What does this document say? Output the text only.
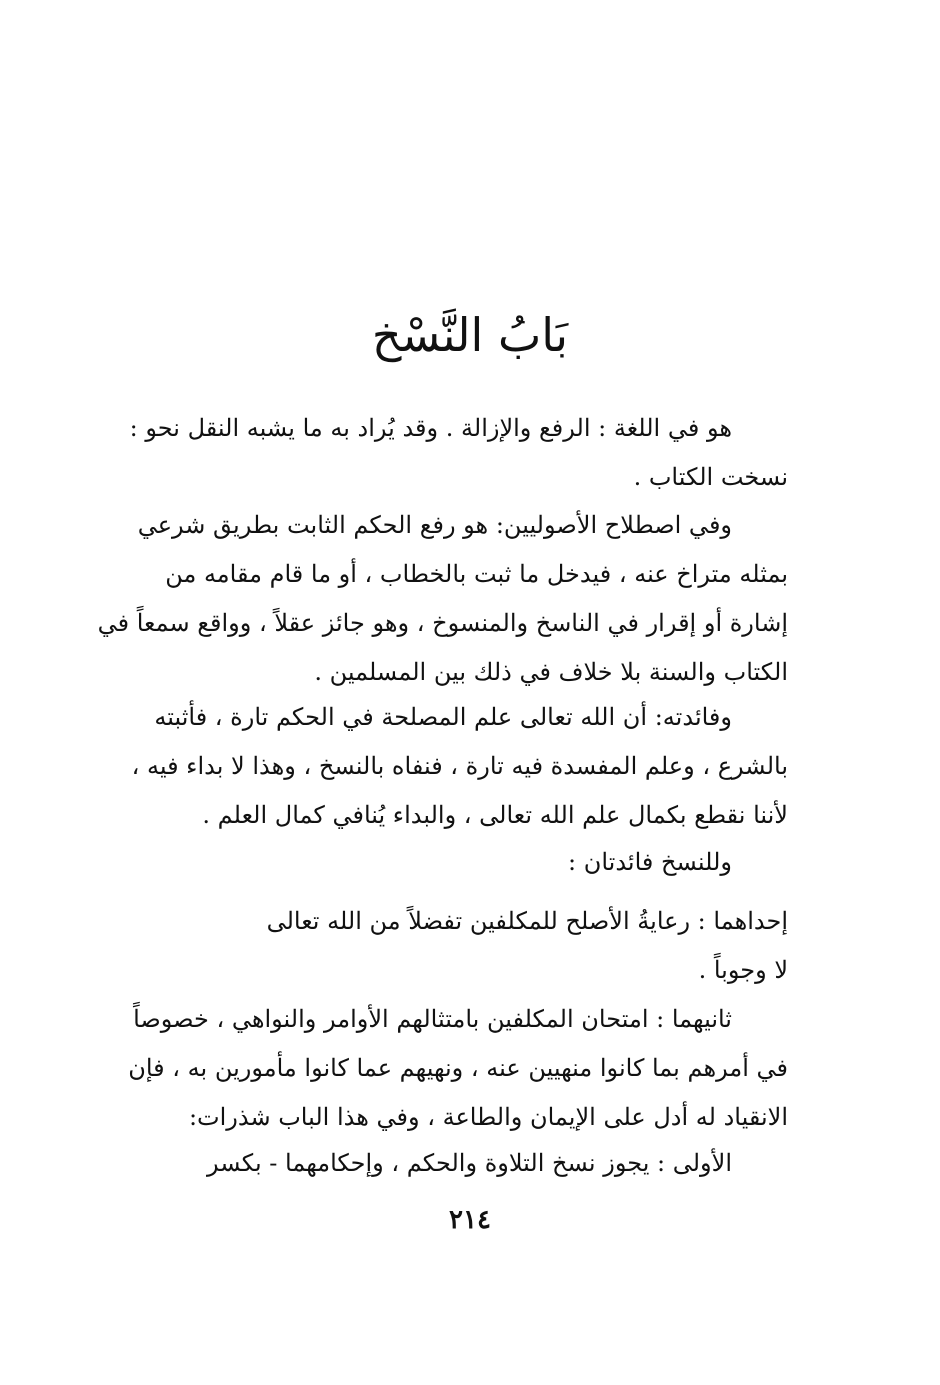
بَابُ النَّسْخ

هو في اللغة : الرفع والإزالة . وقد يُراد به ما يشبه النقل نحو :
نسخت الكتاب .

وفي اصطلاح الأصوليين: هو رفع الحكم الثابت بطريق شرعي
بمثله متراخ عنه ، فيدخل ما ثبت بالخطاب ، أو ما قام مقامه من
إشارة أو إقرار في الناسخ والمنسوخ ، وهو جائز عقلاً ، وواقع سمعاً في
الكتاب والسنة بلا خلاف في ذلك بين المسلمين .

وفائدته: أن الله تعالى علم المصلحة في الحكم تارة ، فأثبته
بالشرع ، وعلم المفسدة فيه تارة ، فنفاه بالنسخ ، وهذا لا بداء فيه ،
لأننا نقطع بكمال علم الله تعالى ، والبداء يُنافي كمال العلم .

وللنسخ فائدتان :

إحداهما : رعايةُ الأصلح للمكلفين تفضلاً من الله تعالى
لا وجوباً .

ثانيهما : امتحان المكلفين بامتثالهم الأوامر والنواهي ، خصوصاً
في أمرهم بما كانوا منهيين عنه ، ونهيهم عما كانوا مأمورين به ، فإن
الانقياد له أدل على الإيمان والطاعة ، وفي هذا الباب شذرات:

الأولى : يجوز نسخ التلاوة والحكم ، وإحكامهما - بكسر

٢١٤
